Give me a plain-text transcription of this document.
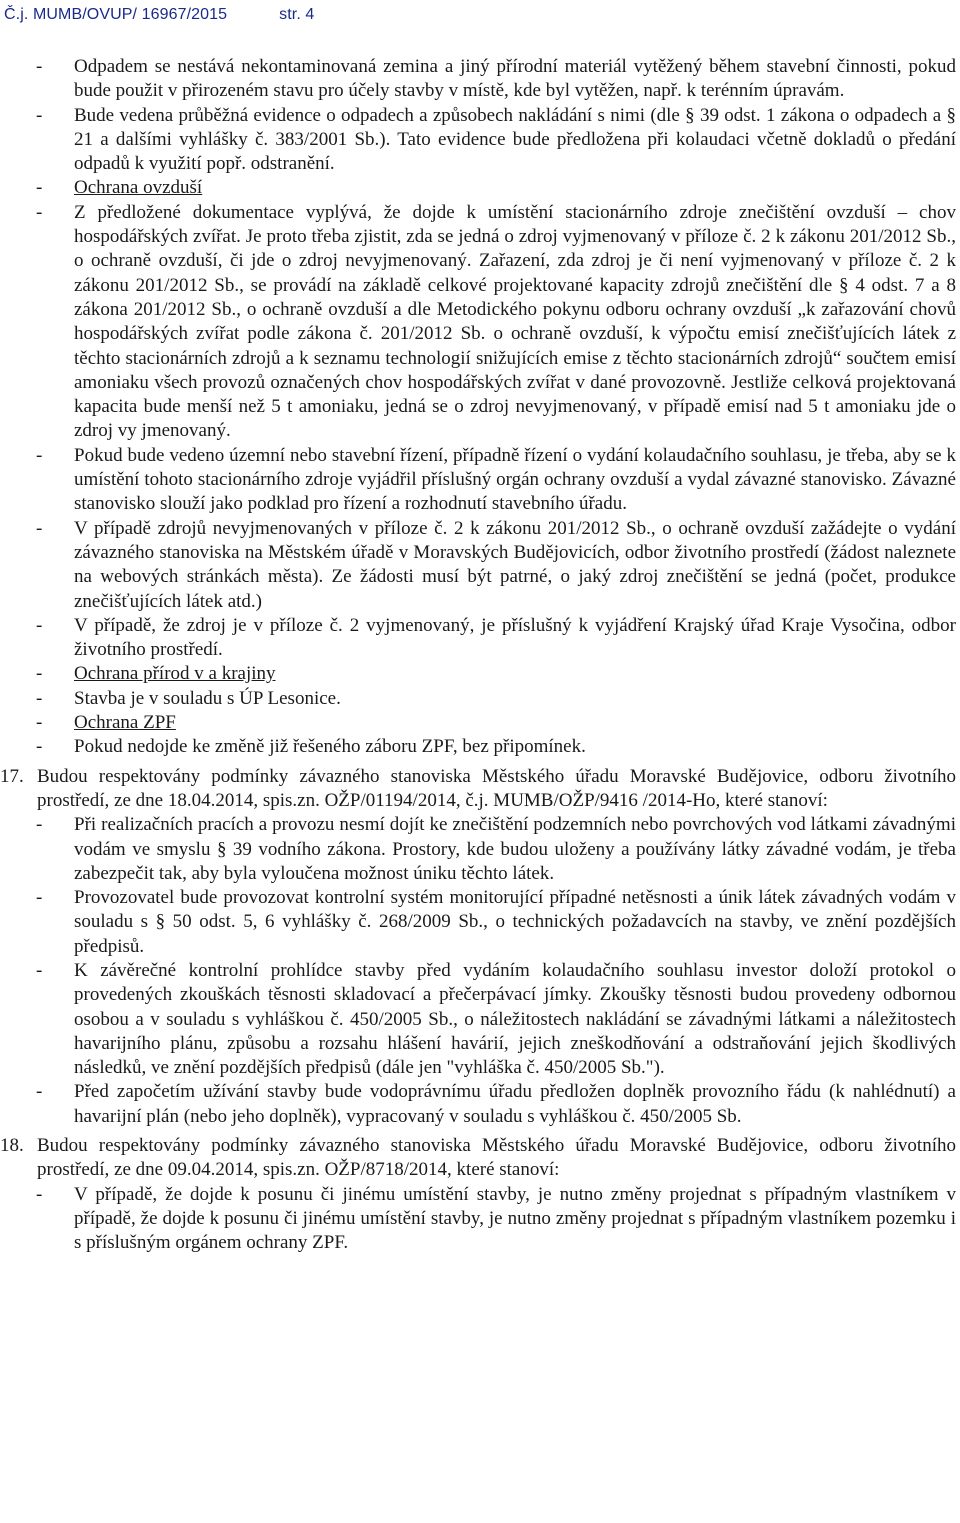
Č.j. MUMB/OVUP/ 16967/2015	str. 4
- Odpadem se nestává nekontaminovaná zemina a jiný přírodní materiál vytěžený během stavební činnosti, pokud bude použit v přirozeném stavu pro účely stavby v místě, kde byl vytěžen, např. k terénním úpravám.
- Bude vedena průběžná evidence o odpadech a způsobech nakládání s nimi (dle § 39 odst. 1 zákona o odpadech a § 21 a dalšími vyhlášky č. 383/2001 Sb.). Tato evidence bude předložena při kolaudaci včetně dokladů o předání odpadů k využití popř. odstranění.
- Ochrana ovzduší
- Z předložené dokumentace vyplývá, že dojde k umístění stacionárního zdroje znečištění ovzduší – chov hospodářských zvířat. Je proto třeba zjistit, zda se jedná o zdroj vyjmenovaný v příloze č. 2 k zákonu 201/2012 Sb., o ochraně ovzduší, či jde o zdroj nevyjmenovaný. Zařazení, zda zdroj je či není vyjmenovaný v příloze č. 2 k zákonu 201/2012 Sb., se provádí na základě celkové projektované kapacity zdrojů znečištění dle § 4 odst. 7 a 8 zákona 201/2012 Sb., o ochraně ovzduší a dle Metodického pokynu odboru ochrany ovzduší „k zařazování chovů hospodářských zvířat podle zákona č. 201/2012 Sb. o ochraně ovzduší, k výpočtu emisí znečišťujících látek z těchto stacionárních zdrojů a k seznamu technologií snižujících emise z těchto stacionárních zdrojů“ součtem emisí amoniaku všech provozů označených chov hospodářských zvířat v dané provozovně. Jestliže celková projektovaná kapacita bude menší než 5 t amoniaku, jedná se o zdroj nevyjmenovaný, v případě emisí nad 5 t amoniaku jde o zdroj vy jmenovaný.
- Pokud bude vedeno územní nebo stavební řízení, případně řízení o vydání kolaudačního souhlasu, je třeba, aby se k umístění tohoto stacionárního zdroje vyjádřil příslušný orgán ochrany ovzduší a vydal závazné stanovisko. Závazné stanovisko slouží jako podklad pro řízení a rozhodnutí stavebního úřadu.
- V případě zdrojů nevyjmenovaných v příloze č. 2 k zákonu 201/2012 Sb., o ochraně ovzduší zažádejte o vydání závazného stanoviska na Městském úřadě v Moravských Budějovicích, odbor životního prostředí (žádost naleznete na webových stránkách města). Ze žádosti musí být patrné, o jaký zdroj znečištění se jedná (počet, produkce znečišťujících látek atd.)
- V případě, že zdroj je v příloze č. 2 vyjmenovaný, je příslušný k vyjádření Krajský úřad Kraje Vysočina, odbor životního prostředí.
- Ochrana přírod v a krajiny
- Stavba je v souladu s ÚP Lesonice.
- Ochrana ZPF
- Pokud nedojde ke změně již řešeného záboru ZPF, bez připomínek.
17. Budou respektovány podmínky závazného stanoviska Městského úřadu Moravské Budějovice, odboru životního prostředí, ze dne 18.04.2014, spis.zn. OŽP/01194/2014, č.j. MUMB/OŽP/9416 /2014-Ho, které stanoví:
- Při realizačních pracích a provozu nesmí dojít ke znečištění podzemních nebo povrchových vod látkami závadnými vodám ve smyslu § 39 vodního zákona. Prostory, kde budou uloženy a používány látky závadné vodám, je třeba zabezpečit tak, aby byla vyloučena možnost úniku těchto látek.
- Provozovatel bude provozovat kontrolní systém monitorující případné netěsnosti a únik látek závadných vodám v souladu s § 50 odst. 5, 6 vyhlášky č. 268/2009 Sb., o technických požadavcích na stavby, ve znění pozdějších předpisů.
- K závěrečné kontrolní prohlídce stavby před vydáním kolaudačního souhlasu investor doloží protokol o provedených zkouškách těsnosti skladovací a přečerpávací jímky. Zkoušky těsnosti budou provedeny odbornou osobou a v souladu s vyhláškou č. 450/2005 Sb., o náležitostech nakládání se závadnými látkami a náležitostech havarijního plánu, způsobu a rozsahu hlášení havárií, jejich zneškodňování a odstraňování jejich škodlivých následků, ve znění pozdějších předpisů (dále jen "vyhláška č. 450/2005 Sb.").
- Před započetím užívání stavby bude vodoprávnímu úřadu předložen doplněk provozního řádu (k nahlédnutí) a havarijní plán (nebo jeho doplněk), vypracovaný v souladu s vyhláškou č. 450/2005 Sb.
18. Budou respektovány podmínky závazného stanoviska Městského úřadu Moravské Budějovice, odboru životního prostředí, ze dne 09.04.2014, spis.zn. OŽP/8718/2014, které stanoví:
- V případě, že dojde k posunu či jinému umístění stavby, je nutno změny projednat s případným vlastníkem v případě, že dojde k posunu či jinému umístění stavby, je nutno změny projednat s případným vlastníkem pozemku i s příslušným orgánem ochrany ZPF.
